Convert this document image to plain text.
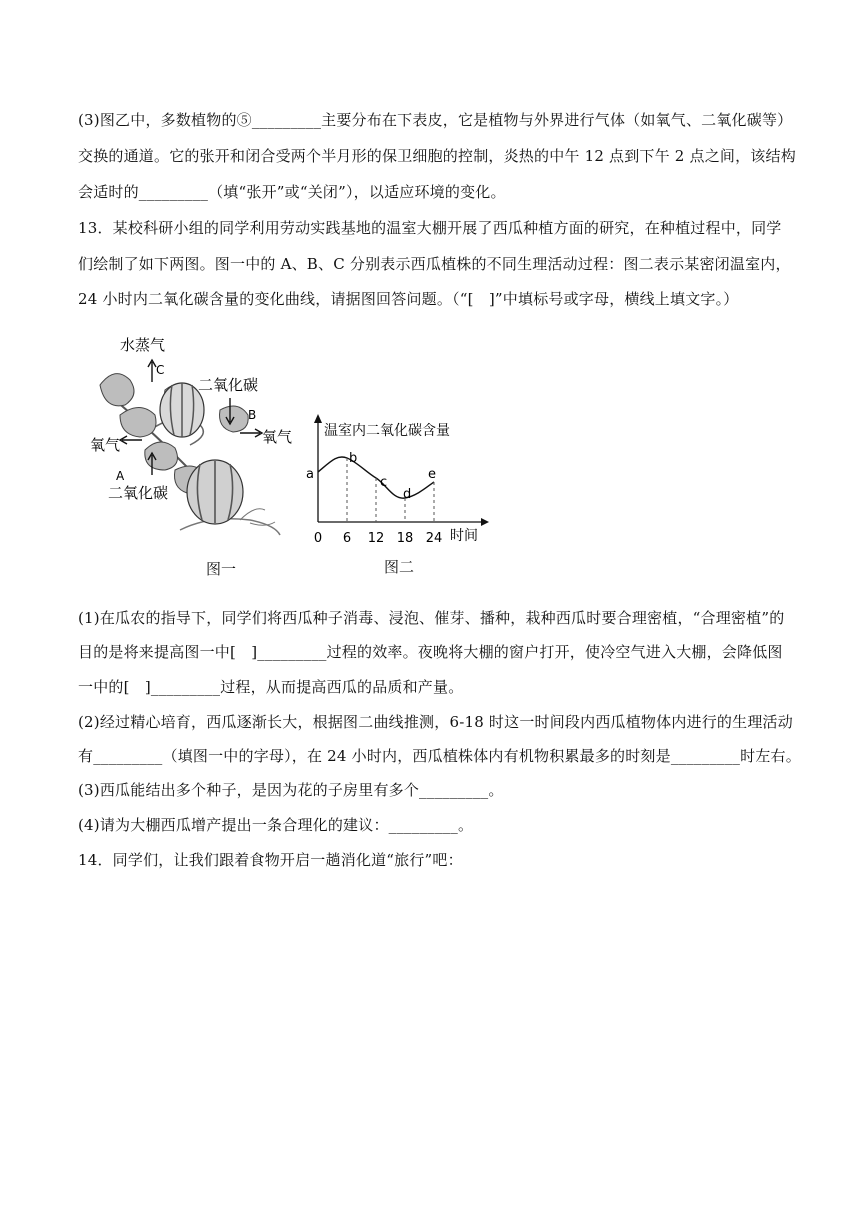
(3)图乙中，多数植物的⑤_________主要分布在下表皮，它是植物与外界进行气体（如氧气、二氧化碳等）
交换的通道。它的张开和闭合受两个半月形的保卫细胞的控制，炎热的中午 12 点到下午 2 点之间，该结构
会适时的_________（填“张开”或“关闭”），以适应环境的变化。
13．某校科研小组的同学利用劳动实践基地的温室大棚开展了西瓜种植方面的研究，在种植过程中，同学
们绘制了如下两图。图一中的 A、B、C 分别表示西瓜植株的不同生理活动过程：图二表示某密闭温室内，
24 小时内二氧化碳含量的变化曲线，请据图回答问题。（“[　]”中填标号或字母，横线上填文字。）
水蒸气
C
二氧化碳
B
氧气
氧气
A
二氧化碳
图一
温室内二氧化碳含量
时间
0 6 12 18 24
a
b
c
d
e
图二
(1)在瓜农的指导下，同学们将西瓜种子消毒、浸泡、催芽、播种，栽种西瓜时要合理密植，“合理密植”的
目的是将来提高图一中[　]_________过程的效率。夜晚将大棚的窗户打开，使冷空气进入大棚，会降低图
一中的[　]_________过程，从而提高西瓜的品质和产量。
(2)经过精心培育，西瓜逐渐长大，根据图二曲线推测，6-18 时这一时间段内西瓜植物体内进行的生理活动
有_________（填图一中的字母），在 24 小时内，西瓜植株体内有机物积累最多的时刻是_________时左右。
(3)西瓜能结出多个种子，是因为花的子房里有多个_________。
(4)请为大棚西瓜增产提出一条合理化的建议：_________。
14．同学们，让我们跟着食物开启一趟消化道“旅行”吧：
